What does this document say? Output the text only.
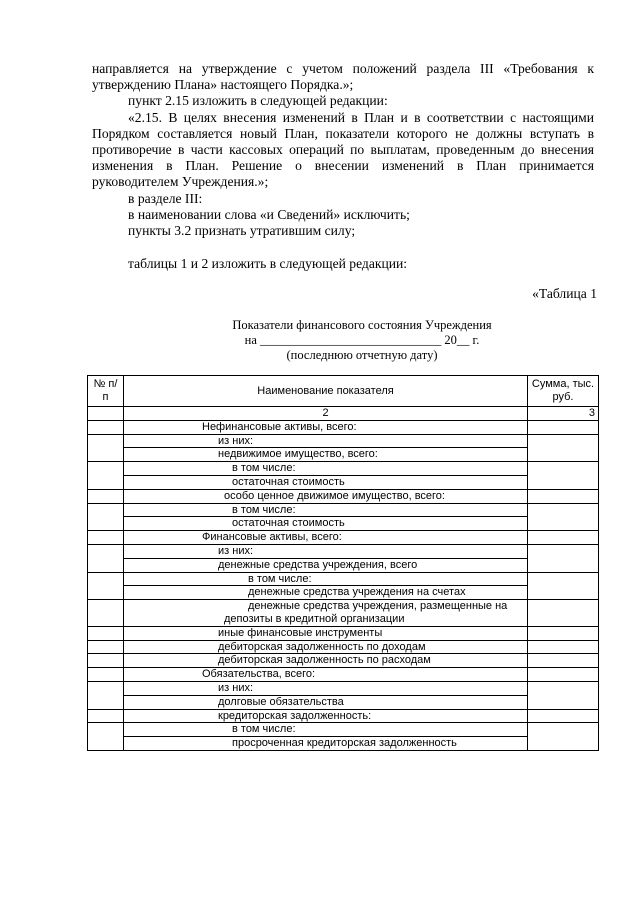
направляется на утверждение с учетом положений раздела III «Требования к утверждению Плана» настоящего Порядка.»;

пункт 2.15 изложить в следующей редакции:

«2.15. В целях внесения изменений в План и в соответствии с настоящими Порядком составляется новый План, показатели которого не должны вступать в противоречие в части кассовых операций по выплатам, проведенным до внесения изменения в План. Решение о внесении изменений в План принимается руководителем Учреждения.»;

в разделе III:

в наименовании слова «и Сведений» исключить;

пункты 3.2 признать утратившим силу;

таблицы 1 и 2 изложить в следующей редакции:

«Таблица 1
Показатели финансового состояния Учреждения
на _____________________________ 20__ г.
(последнюю отчетную дату)
№ п/п	Наименование показателя	Сумма, тыс. руб.
	2	3
	Нефинансовые активы, всего:	
	из них:	
	недвижимое имущество, всего:	
	в том числе:	
	остаточная стоимость	
	особо ценное движимое имущество, всего:	
	в том числе:	
	остаточная стоимость	
	Финансовые активы, всего:	
	из них:	
	денежные средства учреждения, всего	
	в том числе:	
	денежные средства учреждения на счетах	

	денежные средства учреждения, размещенные на
депозиты в кредитной организации	

	иные финансовые инструменты	
	дебиторская задолженность по доходам	
	дебиторская задолженность по расходам	
	Обязательства, всего:	
	из них:	
	долговые обязательства	
	кредиторская задолженность:	
	в том числе:	
	просроченная кредиторская задолженность	
